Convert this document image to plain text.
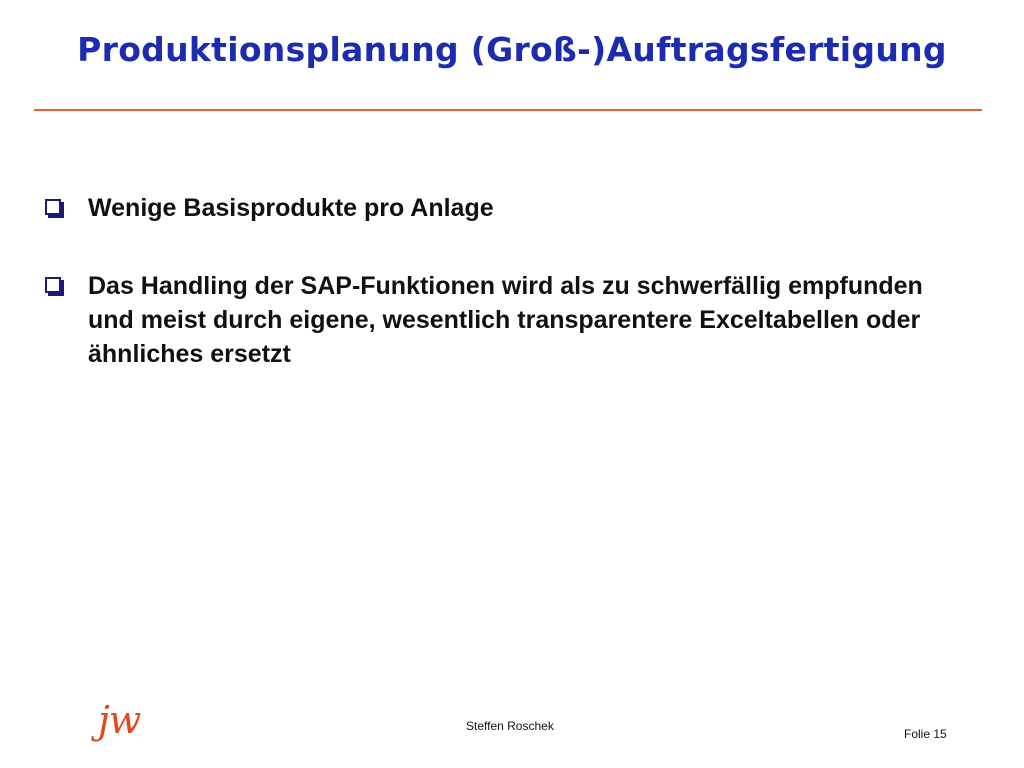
Produktionsplanung (Groß-)Auftragsfertigung
Wenige Basisprodukte pro Anlage
Das Handling der SAP-Funktionen wird als zu schwerfällig empfunden und meist durch eigene, wesentlich transparentere Exceltabellen oder ähnliches ersetzt
jw	Steffen Roschek
Folie 15
